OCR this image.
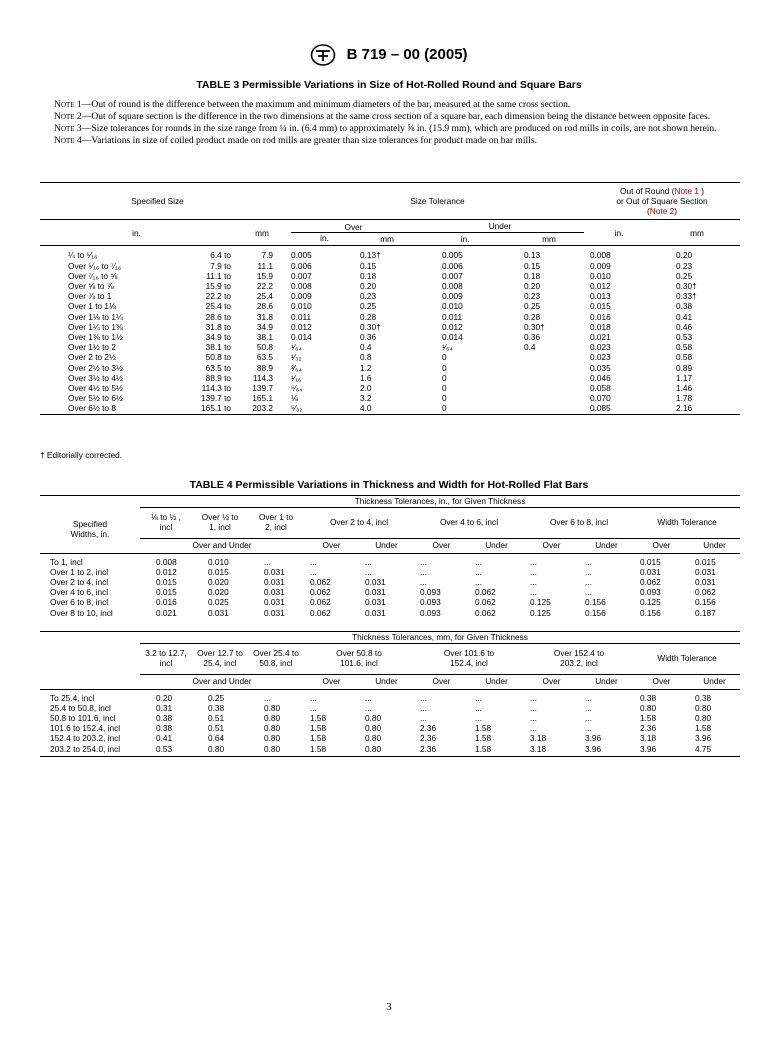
B 719 – 00 (2005)
TABLE 3 Permissible Variations in Size of Hot-Rolled Round and Square Bars

Note 1—Out of round is the difference between the maximum and minimum diameters of the bar, measured at the same cross section.

Note 2—Out of square section is the difference in the two dimensions at the same cross section of a square bar, each dimension being the distance between opposite faces.

Note 3—Size tolerances for rounds in the size range from ¼ in. (6.4 mm) to approximately ⅝ in. (15.9 mm), which are produced on rod mills in coils, are not shown herein.

Note 4—Variations in size of coiled product made on rod mills are greater than size tolerances for product made on bar mills.

Specified Size				Size Tolerance				Out of Round (Note 1 )
or Out of Square Section
(Note 2)	
in.		mm		Over		Under		in.	mm
				in.	mm	in.	mm		

¼ to ⁵⁄₁₆	6.4 to	7.9		0.005	0.13†	0.005	0.13	0.008	0.20
Over ⁵⁄₁₆ to ⁷⁄₁₆	7.9 to	11.1		0.006	0.15	0.006	0.15	0.009	0.23
Over ⁷⁄₁₆ to ⅝	11.1 to	15.9		0.007	0.18	0.007	0.18	0.010	0.25
Over ⅝ to ⅞	15.9 to	22.2		0.008	0.20	0.008	0.20	0.012	0.30†
Over ⅞ to 1	22.2 to	25.4		0.009	0.23	0.009	0.23	0.013	0.33†
Over 1 to 1⅛	25.4 to	28.6		0.010	0.25	0.010	0.25	0.015	0.38
Over 1⅛ to 1¼	28.6 to	31.8		0.011	0.28	0.011	0.28	0.016	0.41
Over 1¼ to 1⅜	31.8 to	34.9		0.012	0.30†	0.012	0.30†	0.018	0.46
Over 1⅜ to 1½	34.9 to	38.1		0.014	0.36	0.014	0.36	0.021	0.53
Over 1½ to 2	38.1 to	50.8		¹⁄₆₄	0.4	¹⁄₆₄	0.4	0.023	0.58
Over 2 to 2½	50.8 to	63.5		¹⁄₃₂	0.8	0		0.023	0.58
Over 2½ to 3½	63.5 to	88.9		³⁄₆₄	1.2	0		0.035	0.89
Over 3½ to 4½	88.9 to	114.3		¹⁄₁₆	1.6	0		0.046	1.17
Over 4½ to 5½	114.3 to	139.7		⁵⁄₆₄	2.0	0		0.058	1.46
Over 5½ to 6½	139.7 to	165.1		⅛	3.2	0		0.070	1.78
Over 6½ to 8	165.1 to	203.2		⁵⁄₃₂	4.0	0		0.085	2.16

† Editorially corrected.
TABLE 4 Permissible Variations in Thickness and Width for Hot-Rolled Flat Bars
	Thickness Tolerances, in., for Given Thickness										
Specified
Widths, in.	⅛ to ½ ,
incl	Over ½ to
1, incl	Over 1 to
2, incl	Over 2 to 4, incl		Over 4 to 6, incl		Over 6 to 8, incl		Width Tolerance	
	Over and Under			Over	Under	Over	Under	Over	Under	Over	Under

To 1, incl	0.008	0.010	...	...	...	...	...	...	...	0.015	0.015
Over 1 to 2, incl	0.012	0.015	0.031	...	...	...	...	...	...	0.031	0.031
Over 2 to 4, incl	0.015	0.020	0.031	0.062	0.031	...	...	...	...	0.062	0.031
Over 4 to 6, incl	0.015	0.020	0.031	0.062	0.031	0.093	0.062	...	...	0.093	0.062
Over 6 to 8, incl	0.016	0.025	0.031	0.062	0.031	0.093	0.062	0.125	0.156	0.125	0.156
Over 8 to 10, incl	0.021	0.031	0.031	0.062	0.031	0.093	0.062	0.125	0.156	0.156	0.187

	Thickness Tolerances, mm, for Given Thickness										
	3.2 to 12.7,
incl	Over 12.7 to
25.4, incl	Over 25.4 to
50.8, incl	Over 50.8 to
101.6, incl		Over 101.6 to
152.4, incl		Over 152.4 to
203.2, incl		Width Tolerance	
	Over and Under			Over	Under	Over	Under	Over	Under	Over	Under

To 25.4, incl	0.20	0.25	...	...	...	...	...	...	...	0.38	0.38
25.4 to 50.8, incl	0.31	0.38	0.80	...	...	...	...	...	...	0.80	0.80
50.8 to 101.6, incl	0.38	0.51	0.80	1.58	0.80	...	...	...	...	1.58	0.80
101.6 to 152.4, incl	0.38	0.51	0.80	1.58	0.80	2.36	1.58	...	...	2.36	1.58
152.4 to 203.2, incl	0.41	0.64	0.80	1.58	0.80	2.36	1.58	3.18	3.96	3.18	3.96
203.2 to 254.0, incl	0.53	0.80	0.80	1.58	0.80	2.36	1.58	3.18	3.96	3.96	4.75

3
